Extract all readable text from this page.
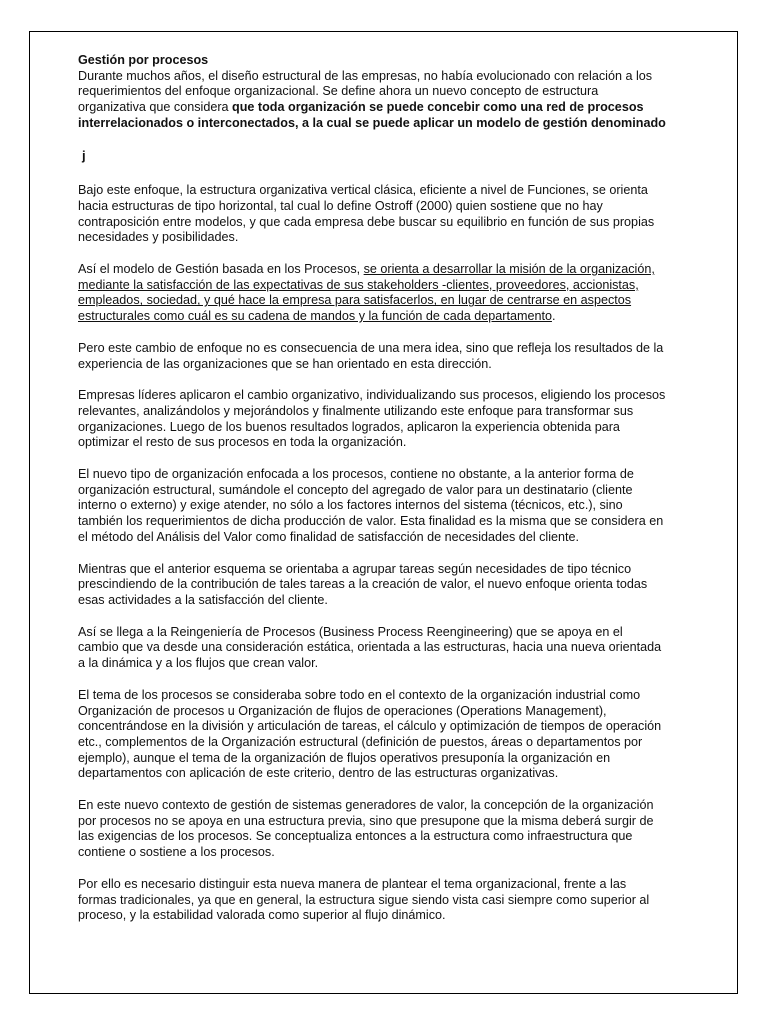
Gestión por procesos
Durante muchos años, el diseño estructural de las empresas, no había evolucionado con relación a los requerimientos del enfoque organizacional. Se define ahora un nuevo concepto de estructura organizativa que considera que toda organización se puede concebir como una red de procesos interrelacionados o interconectados, a la cual se puede aplicar un modelo de gestión denominado

j

Bajo este enfoque, la estructura organizativa vertical clásica, eficiente a nivel de Funciones, se orienta hacia estructuras de tipo horizontal, tal cual lo define Ostroff (2000) quien sostiene que no hay contraposición entre modelos, y que cada empresa debe buscar su equilibrio en función de sus propias necesidades y posibilidades.

Así el modelo de Gestión basada en los Procesos, se orienta a desarrollar la misión de la organización, mediante la satisfacción de las expectativas de sus stakeholders -clientes, proveedores, accionistas, empleados, sociedad, y qué hace la empresa para satisfacerlos, en lugar de centrarse en aspectos estructurales como cuál es su cadena de mandos y la función de cada departamento.

Pero este cambio de enfoque no es consecuencia de una mera idea, sino que refleja los resultados de la experiencia de las organizaciones que se han orientado en esta dirección.

Empresas líderes aplicaron el cambio organizativo, individualizando sus procesos, eligiendo los procesos relevantes, analizándolos y mejorándolos y finalmente utilizando este enfoque para transformar sus organizaciones. Luego de los buenos resultados logrados, aplicaron la experiencia obtenida para optimizar el resto de sus procesos en toda la organización.

El nuevo tipo de organización enfocada a los procesos, contiene no obstante, a la anterior forma de organización estructural, sumándole el concepto del agregado de valor para un destinatario (cliente interno o externo) y exige atender, no sólo a los factores internos del sistema (técnicos, etc.), sino también los requerimientos de dicha producción de valor. Esta finalidad es la misma que se considera en el método del Análisis del Valor como finalidad de satisfacción de necesidades del cliente.

Mientras que el anterior esquema se orientaba a agrupar tareas según necesidades de tipo técnico prescindiendo de la contribución de tales tareas a la creación de valor, el nuevo enfoque orienta todas esas actividades a la satisfacción del cliente.

Así se llega a la Reingeniería de Procesos (Business Process Reengineering) que se apoya en el cambio que va desde una consideración estática, orientada a las estructuras, hacia una nueva orientada a la dinámica y a los flujos que crean valor.

El tema de los procesos se consideraba sobre todo en el contexto de la organización industrial como Organización de procesos u Organización de flujos de operaciones (Operations Management), concentrándose en la división y articulación de tareas, el cálculo y optimización de tiempos de operación etc., complementos de la Organización estructural (definición de puestos, áreas o departamentos por ejemplo), aunque el tema de la organización de flujos operativos presuponía la organización en departamentos con aplicación de este criterio, dentro de las estructuras organizativas.

En este nuevo contexto de gestión de sistemas generadores de valor, la concepción de la organización por procesos no se apoya en una estructura previa, sino que presupone que la misma deberá surgir de las exigencias de los procesos. Se conceptualiza entonces a la estructura como infraestructura que contiene o sostiene a los procesos.

Por ello es necesario distinguir esta nueva manera de plantear el tema organizacional, frente a las formas tradicionales, ya que en general, la estructura sigue siendo vista casi siempre como superior al proceso, y la estabilidad valorada como superior al flujo dinámico.
